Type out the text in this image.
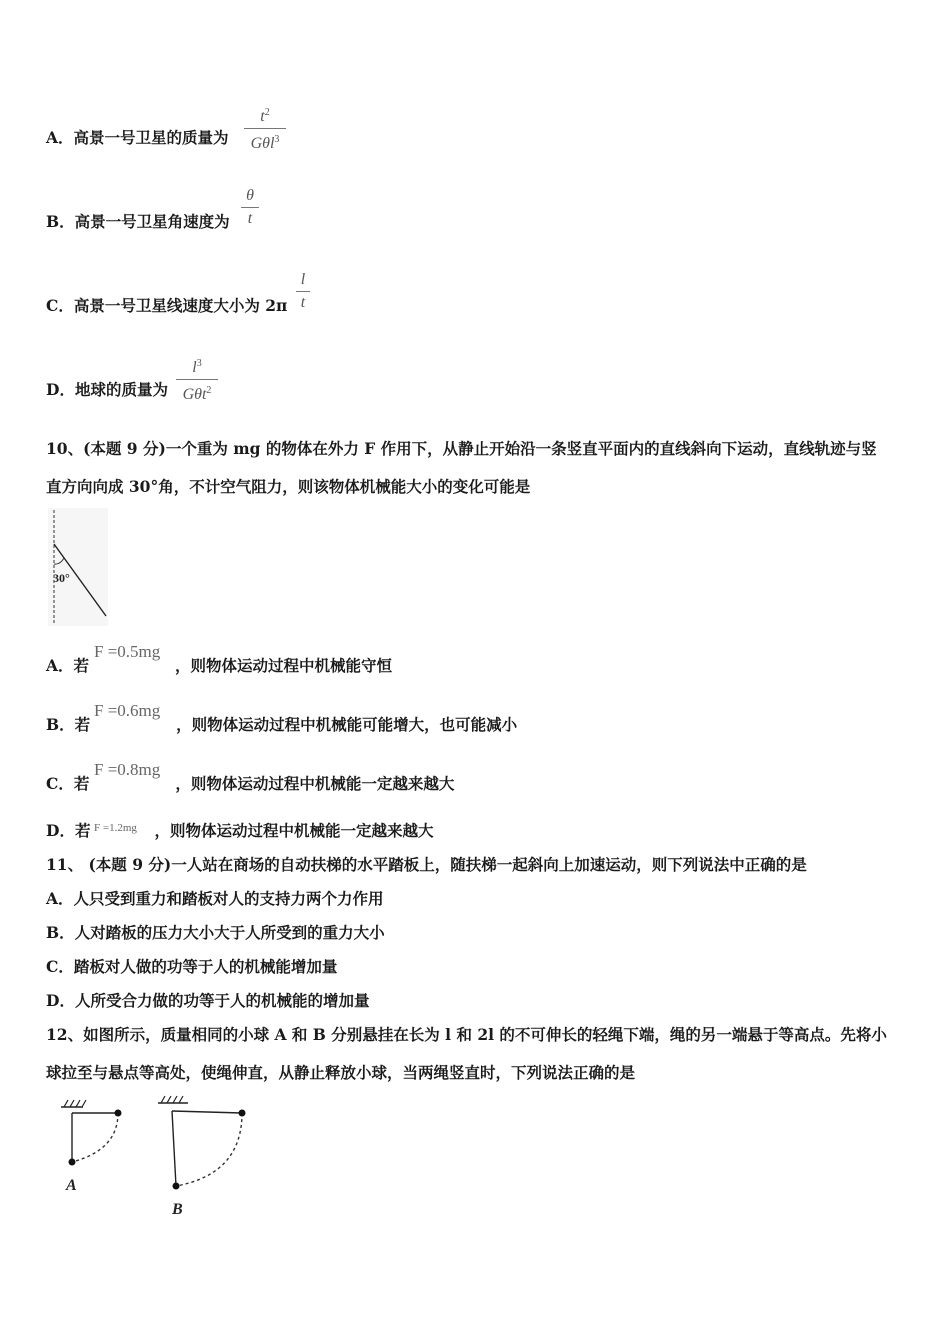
A．高景一号卫星的质量为
$t^2$
Gθl$^3$
B．高景一号卫星角速度为
θ
t
C．高景一号卫星线速度大小为 2π
l
t
D．地球的质量为
$l^3$
Gθt$^2$
10、(本题 9 分)一个重为 mg 的物体在外力 F 作用下，从静止开始沿一条竖直平面内的直线斜向下运动，直线轨迹与竖
直方向向成 30°角，不计空气阻力，则该物体机械能大小的变化可能是
30°
A．若	，则物体运动过程中机械能守恒
F =0.5mg
B．若	，则物体运动过程中机械能可能增大，也可能减小
F =0.6mg
C．若	，则物体运动过程中机械能一定越来越大
F =0.8mg
D．若	，则物体运动过程中机械能一定越来越大
F =1.2mg
11、 (本题 9 分)一人站在商场的自动扶梯的水平踏板上，随扶梯一起斜向上加速运动，则下列说法中正确的是
A．人只受到重力和踏板对人的支持力两个力作用
B．人对踏板的压力大小大于人所受到的重力大小
C．踏板对人做的功等于人的机械能增加量
D．人所受合力做的功等于人的机械能的增加量
12、如图所示，质量相同的小球 A 和 B 分别悬挂在长为 l 和 2l 的不可伸长的轻绳下端，绳的另一端悬于等高点。先将小
球拉至与悬点等高处，使绳伸直，从静止释放小球，当两绳竖直时，下列说法正确的是
A
B
